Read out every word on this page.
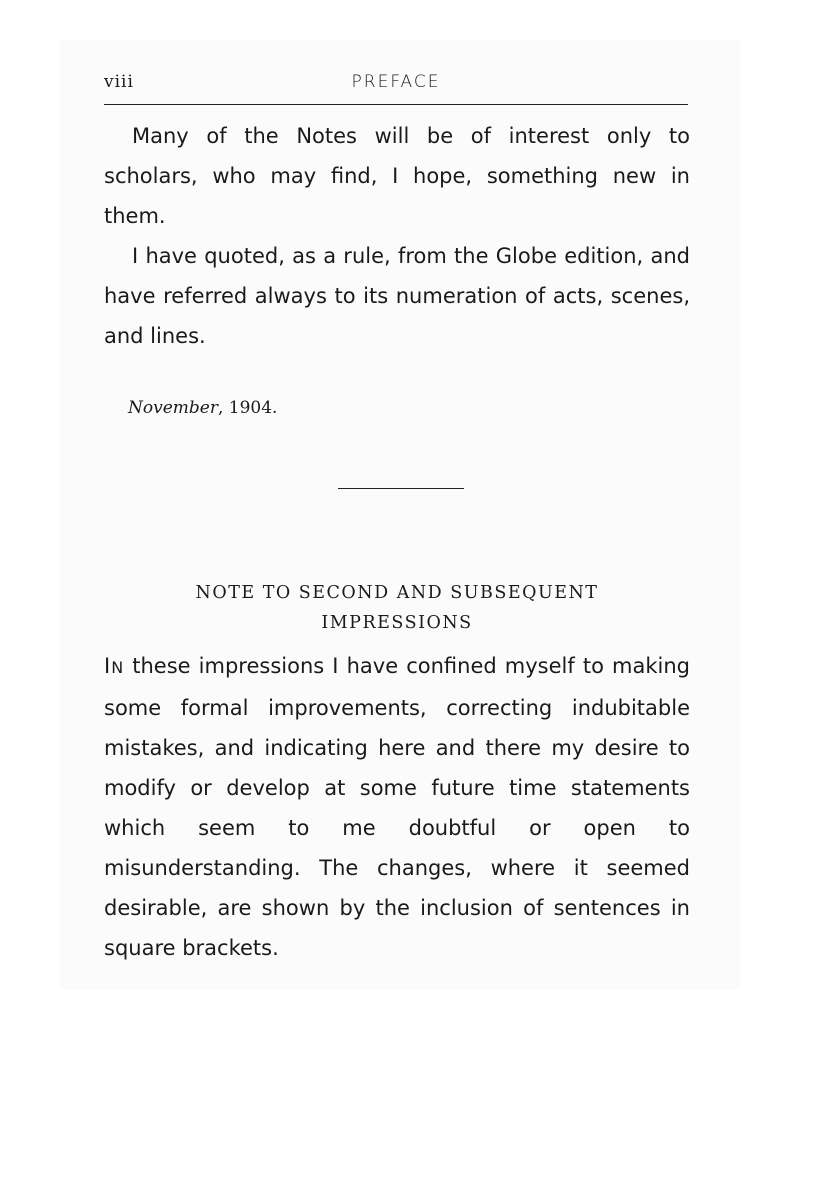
viii	PREFACE

Many of the Notes will be of interest only to scholars, who may find, I hope, something new in them.

I have quoted, as a rule, from the Globe edition, and have referred always to its numeration of acts, scenes, and lines.

November, 1904.
NOTE TO SECOND AND SUBSEQUENT
IMPRESSIONS

IN these impressions I have confined myself to making some formal improvements, correcting indubitable mistakes, and indicating here and there my desire to modify or develop at some future time statements which seem to me doubtful or open to misunderstanding. The changes, where it seemed desirable, are shown by the inclusion of sentences in square brackets.
